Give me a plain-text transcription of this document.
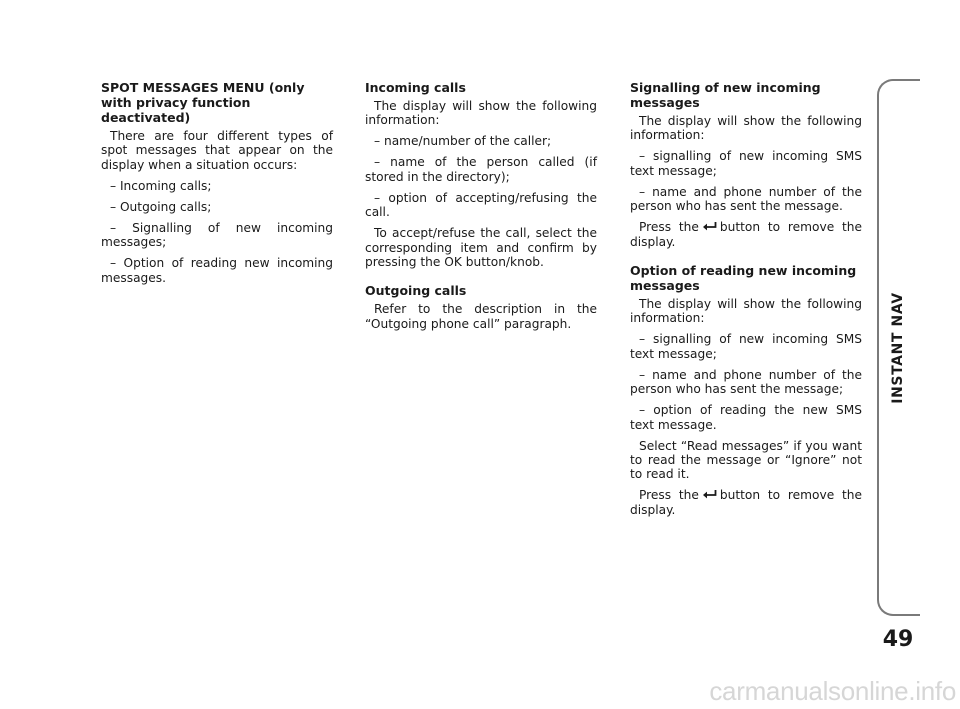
SPOT MESSAGES MENU (only with privacy function deactivated)
There are four different types of spot messages that appear on the display when a situation occurs:
– Incoming calls;
– Outgoing calls;
– Signalling of new incoming messages;
– Option of reading new incoming messages.
Incoming calls
The display will show the following information:
– name/number of the caller;
– name of the person called (if stored in the directory);
– option of accepting/refusing the call.
To accept/refuse the call, select the corresponding item and confirm by pressing the OK button/knob.
Outgoing calls
Refer to the description in the “Outgoing phone call” paragraph.
Signalling of new incoming messages
The display will show the following information:
– signalling of new incoming SMS text message;
– name and phone number of the person who has sent the message.
Press the button to remove the display.
Option of reading new incoming messages
The display will show the following information:
– signalling of new incoming SMS text message;
– name and phone number of the person who has sent the message;
– option of reading the new SMS text message.
Select “Read messages” if you want to read the message or “Ignore” not to read it.
Press the button to remove the display.
INSTANT NAV
49
carmanualsonline.info
